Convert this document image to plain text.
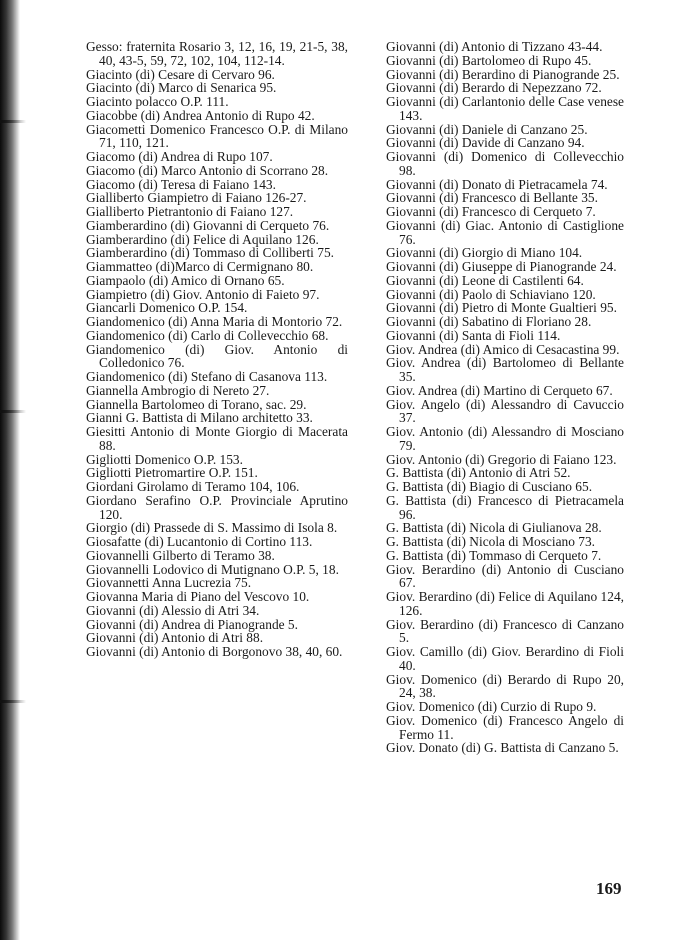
Gesso: fraternita Rosario 3, 12, 16, 19, 21-5, 38, 40, 43-5, 59, 72, 102, 104, 112-14.

Giacinto (di) Cesare di Cervaro 96.

Giacinto (di) Marco di Senarica 95.

Giacinto polacco O.P. 111.

Giacobbe (di) Andrea Antonio di Rupo 42.

Giacometti Domenico Francesco O.P. di Milano 71, 110, 121.

Giacomo (di) Andrea di Rupo 107.

Giacomo (di) Marco Antonio di Scorrano 28.

Giacomo (di) Teresa di Faiano 143.

Gialliberto Giampietro di Faiano 126-27.

Gialliberto Pietrantonio di Faiano 127.

Giamberardino (di) Giovanni di Cerqueto 76.

Giamberardino (di) Felice di Aquilano 126.

Giamberardino (di) Tommaso di Colliberti 75.

Giammatteo (di)Marco di Cermignano 80.

Giampaolo (di) Amico di Ornano 65.

Giampietro (di) Giov. Antonio di Faieto 97.

Giancarli Domenico O.P. 154.

Giandomenico (di) Anna Maria di Montorio 72.

Giandomenico (di) Carlo di Collevecchio 68.

Giandomenico (di) Giov. Antonio di Colledonico 76.

Giandomenico (di) Stefano di Casanova 113.

Giannella Ambrogio di Nereto 27.

Giannella Bartolomeo di Torano, sac. 29.

Gianni G. Battista di Milano architetto 33.

Giesitti Antonio di Monte Giorgio di Macerata 88.

Gigliotti Domenico O.P. 153.

Gigliotti Pietromartire O.P. 151.

Giordani Girolamo di Teramo 104, 106.

Giordano Serafino O.P. Provinciale Aprutino 120.

Giorgio (di) Prassede di S. Massimo di Isola 8.

Giosafatte (di) Lucantonio di Cortino 113.

Giovannelli Gilberto di Teramo 38.

Giovannelli Lodovico di Mutignano O.P. 5, 18.

Giovannetti Anna Lucrezia 75.

Giovanna Maria di Piano del Vescovo 10.

Giovanni (di) Alessio di Atri 34.

Giovanni (di) Andrea di Pianogrande 5.

Giovanni (di) Antonio di Atri 88.

Giovanni (di) Antonio di Borgonovo 38, 40, 60.

Giovanni (di) Antonio di Tizzano 43-44.

Giovanni (di) Bartolomeo di Rupo 45.

Giovanni (di) Berardino di Pianogrande 25.

Giovanni (di) Berardo di Nepezzano 72.

Giovanni (di) Carlantonio delle Case venese 143.

Giovanni (di) Daniele di Canzano 25.

Giovanni (di) Davide di Canzano 94.

Giovanni (di) Domenico di Collevecchio 98.

Giovanni (di) Donato di Pietracamela 74.

Giovanni (di) Francesco di Bellante 35.

Giovanni (di) Francesco di Cerqueto 7.

Giovanni (di) Giac. Antonio di Castiglione 76.

Giovanni (di) Giorgio di Miano 104.

Giovanni (di) Giuseppe di Pianogrande 24.

Giovanni (di) Leone di Castilenti 64.

Giovanni (di) Paolo di Schiaviano 120.

Giovanni (di) Pietro di Monte Gualtieri 95.

Giovanni (di) Sabatino di Floriano 28.

Giovanni (di) Santa di Fioli 114.

Giov. Andrea (di) Amico di Cesacastina 99.

Giov. Andrea (di) Bartolomeo di Bellante 35.

Giov. Andrea (di) Martino di Cerqueto 67.

Giov. Angelo (di) Alessandro di Cavuccio 37.

Giov. Antonio (di) Alessandro di Mosciano 79.

Giov. Antonio (di) Gregorio di Faiano 123.

G. Battista (di) Antonio di Atri 52.

G. Battista (di) Biagio di Cusciano 65.

G. Battista (di) Francesco di Pietracamela 96.

G. Battista (di) Nicola di Giulianova 28.

G. Battista (di) Nicola di Mosciano 73.

G. Battista (di) Tommaso di Cerqueto 7.

Giov. Berardino (di) Antonio di Cusciano 67.

Giov. Berardino (di) Felice di Aquilano 124, 126.

Giov. Berardino (di) Francesco di Canzano 5.

Giov. Camillo (di) Giov. Berardino di Fioli 40.

Giov. Domenico (di) Berardo di Rupo 20, 24, 38.

Giov. Domenico (di) Curzio di Rupo 9.

Giov. Domenico (di) Francesco Angelo di Fermo 11.

Giov. Donato (di) G. Battista di Canzano 5.

169
